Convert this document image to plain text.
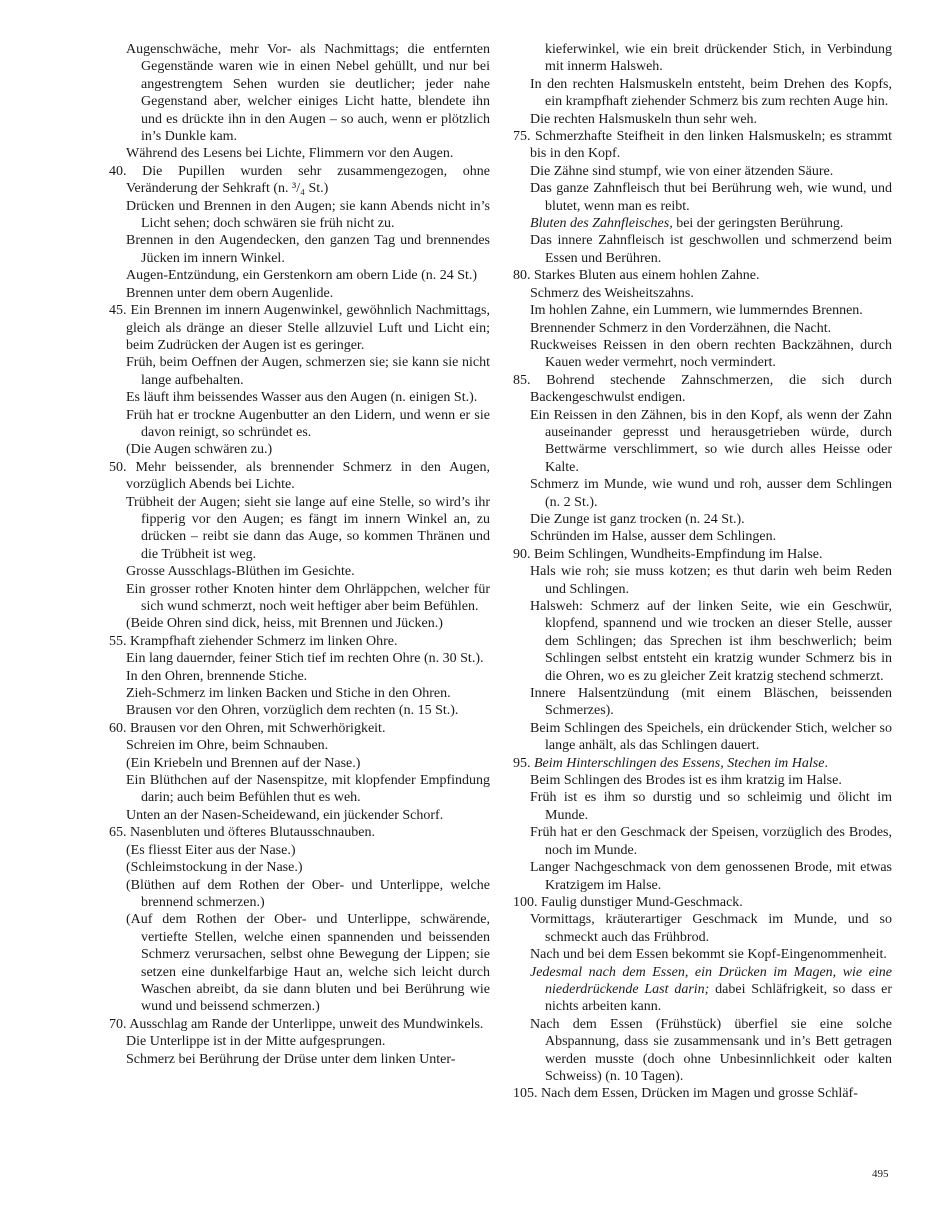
Augenschwäche, mehr Vor- als Nachmittags; die entfernten Gegenstände waren wie in einen Nebel gehüllt, und nur bei angestrengtem Sehen wurden sie deutlicher; jeder nahe Gegenstand aber, welcher einiges Licht hatte, blendete ihn und es drückte ihn in den Augen – so auch, wenn er plötzlich in’s Dunkle kam.

Während des Lesens bei Lichte, Flimmern vor den Augen.

40. Die Pupillen wurden sehr zusammengezogen, ohne Veränderung der Sehkraft (n. ³/₄ St.)

Drücken und Brennen in den Augen; sie kann Abends nicht in’s Licht sehen; doch schwären sie früh nicht zu.

Brennen in den Augendecken, den ganzen Tag und brennendes Jücken im innern Winkel.

Augen-Entzündung, ein Gerstenkorn am obern Lide (n. 24 St.)

Brennen unter dem obern Augenlide.

45. Ein Brennen im innern Augenwinkel, gewöhnlich Nachmittags, gleich als dränge an dieser Stelle allzuviel Luft und Licht ein; beim Zudrücken der Augen ist es geringer.

Früh, beim Oeffnen der Augen, schmerzen sie; sie kann sie nicht lange aufbehalten.

Es läuft ihm beissendes Wasser aus den Augen (n. einigen St.).

Früh hat er trockne Augenbutter an den Lidern, und wenn er sie davon reinigt, so schründet es.

(Die Augen schwären zu.)

50. Mehr beissender, als brennender Schmerz in den Augen, vorzüglich Abends bei Lichte.

Trübheit der Augen; sieht sie lange auf eine Stelle, so wird’s ihr fipperig vor den Augen; es fängt im innern Winkel an, zu drücken – reibt sie dann das Auge, so kommen Thränen und die Trübheit ist weg.

Grosse Ausschlags-Blüthen im Gesichte.

Ein grosser rother Knoten hinter dem Ohrläppchen, welcher für sich wund schmerzt, noch weit heftiger aber beim Befühlen.

(Beide Ohren sind dick, heiss, mit Brennen und Jücken.)

55. Krampfhaft ziehender Schmerz im linken Ohre.

Ein lang dauernder, feiner Stich tief im rechten Ohre (n. 30 St.).

In den Ohren, brennende Stiche.

Zieh-Schmerz im linken Backen und Stiche in den Ohren.

Brausen vor den Ohren, vorzüglich dem rechten (n. 15 St.).

60. Brausen vor den Ohren, mit Schwerhörigkeit.

Schreien im Ohre, beim Schnauben.

(Ein Kriebeln und Brennen auf der Nase.)

Ein Blüthchen auf der Nasenspitze, mit klopfender Empfindung darin; auch beim Befühlen thut es weh.

Unten an der Nasen-Scheidewand, ein jückender Schorf.

65. Nasenbluten und öfteres Blutausschnauben.

(Es fliesst Eiter aus der Nase.)

(Schleimstockung in der Nase.)

(Blüthen auf dem Rothen der Ober- und Unterlippe, welche brennend schmerzen.)

(Auf dem Rothen der Ober- und Unterlippe, schwärende, vertiefte Stellen, welche einen spannenden und beissenden Schmerz verursachen, selbst ohne Bewegung der Lippen; sie setzen eine dunkelfarbige Haut an, welche sich leicht durch Waschen abreibt, da sie dann bluten und bei Berührung wie wund und beissend schmerzen.)

70. Ausschlag am Rande der Unterlippe, unweit des Mundwinkels.

Die Unterlippe ist in der Mitte aufgesprungen.

Schmerz bei Berührung der Drüse unter dem linken Unter-

kieferwinkel, wie ein breit drückender Stich, in Verbindung mit innerm Halsweh.

In den rechten Halsmuskeln entsteht, beim Drehen des Kopfs, ein krampfhaft ziehender Schmerz bis zum rechten Auge hin.

Die rechten Halsmuskeln thun sehr weh.

75. Schmerzhafte Steifheit in den linken Halsmuskeln; es strammt bis in den Kopf.

Die Zähne sind stumpf, wie von einer ätzenden Säure.

Das ganze Zahnfleisch thut bei Berührung weh, wie wund, und blutet, wenn man es reibt.

Bluten des Zahnfleisches, bei der geringsten Berührung.

Das innere Zahnfleisch ist geschwollen und schmerzend beim Essen und Berühren.

80. Starkes Bluten aus einem hohlen Zahne.

Schmerz des Weisheitszahns.

Im hohlen Zahne, ein Lummern, wie lummerndes Brennen.

Brennender Schmerz in den Vorderzähnen, die Nacht.

Ruckweises Reissen in den obern rechten Backzähnen, durch Kauen weder vermehrt, noch vermindert.

85. Bohrend stechende Zahnschmerzen, die sich durch Backengeschwulst endigen.

Ein Reissen in den Zähnen, bis in den Kopf, als wenn der Zahn auseinander gepresst und herausgetrieben würde, durch Bettwärme verschlimmert, so wie durch alles Heisse oder Kalte.

Schmerz im Munde, wie wund und roh, ausser dem Schlingen (n. 2 St.).

Die Zunge ist ganz trocken (n. 24 St.).

Schründen im Halse, ausser dem Schlingen.

90. Beim Schlingen, Wundheits-Empfindung im Halse.

Hals wie roh; sie muss kotzen; es thut darin weh beim Reden und Schlingen.

Halsweh: Schmerz auf der linken Seite, wie ein Geschwür, klopfend, spannend und wie trocken an dieser Stelle, ausser dem Schlingen; das Sprechen ist ihm beschwerlich; beim Schlingen selbst entsteht ein kratzig wunder Schmerz bis in die Ohren, wo es zu gleicher Zeit kratzig stechend schmerzt.

Innere Halsentzündung (mit einem Bläschen, beissenden Schmerzes).

Beim Schlingen des Speichels, ein drückender Stich, welcher so lange anhält, als das Schlingen dauert.

95. Beim Hinterschlingen des Essens, Stechen im Halse.

Beim Schlingen des Brodes ist es ihm kratzig im Halse.

Früh ist es ihm so durstig und so schleimig und ölicht im Munde.

Früh hat er den Geschmack der Speisen, vorzüglich des Brodes, noch im Munde.

Langer Nachgeschmack von dem genossenen Brode, mit etwas Kratzigem im Halse.

100. Faulig dunstiger Mund-Geschmack.

Vormittags, kräuterartiger Geschmack im Munde, und so schmeckt auch das Frühbrod.

Nach und bei dem Essen bekommt sie Kopf-Eingenommenheit.

Jedesmal nach dem Essen, ein Drücken im Magen, wie eine niederdrückende Last darin; dabei Schläfrigkeit, so dass er nichts arbeiten kann.

Nach dem Essen (Frühstück) überfiel sie eine solche Abspannung, dass sie zusammensank und in’s Bett getragen werden musste (doch ohne Unbesinnlichkeit oder kalten Schweiss) (n. 10 Tagen).

105. Nach dem Essen, Drücken im Magen und grosse Schläf-

495
